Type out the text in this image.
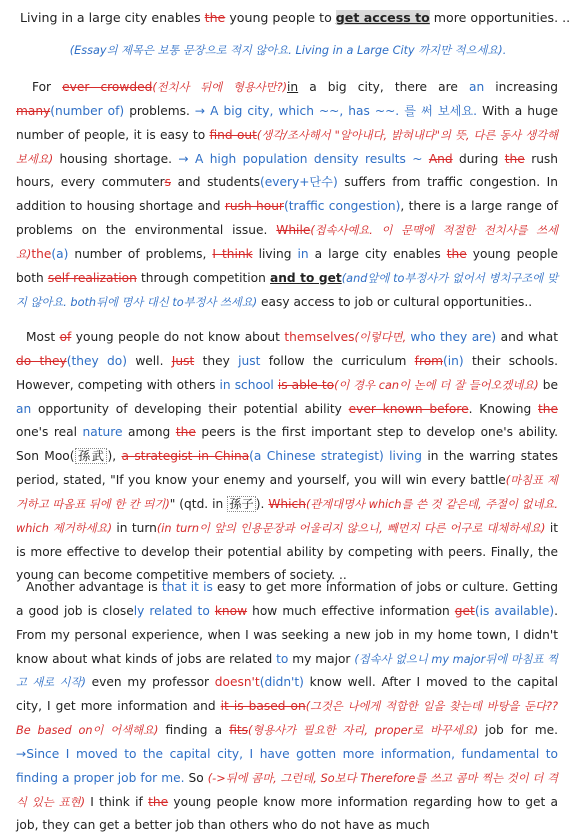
Living in a large city enables the young people to get access to more opportunities. ..
(Essay의 제목은 보통 문장으로 적지 않아요. Living in a Large City 까지만 적으세요).
For ever crowded(전치사 뒤에 형용사만?)in a big city, there are an increasing many(number of) problems. → A big city, which ~~, has ~~. 를 써 보세요. With a huge number of people, it is easy to find out(생각/조사해서 "알아내다, 밝혀내다"의 뜻, 다른 동사 생각해 보세요) housing shortage. → A high population density results ~ And during the rush hours, every commuters and students(every+단수) suffers from traffic congestion. In addition to housing shortage and rush hour(traffic congestion), there is a large range of problems on the environmental issue. While(접속사예요. 이 문맥에 적절한 전치사를 쓰세요)the(a) number of problems, I think living in a large city enables the young people both self-realization through competition and to get(and앞에 to부정사가 없어서 병치구조에 맞지 않아요. both뒤에 명사 대신 to부정사 쓰세요) easy access to job or cultural opportunities..
Most of young people do not know about themselves(이렇다면, who they are) and what do they(they do) well. Just they just follow the curriculum from(in) their schools. However, competing with others in school is able to(이 경우 can이 논에 더 잘 들어오겠네요) be an opportunity of developing their potential ability ever known before. Knowing the one's real nature among the peers is the first important step to develop one's ability. Son Moo( 孫武 ), a strategist in China(a Chinese strategist) living in the warring states period, stated, "If you know your enemy and yourself, you will win every battle(마침표 제거하고 따옴표 뒤에 한 칸 띄기)" (qtd. in 孫子 ). Which(관계대명사 which를 쓴 것 같은데, 주절이 없네요. which 제거하세요) in turn(in turn이 앞의 인용문장과 어울리지 않으니, 빼먼지 다른 어구로 대체하세요) it is more effective to develop their potential ability by competing with peers. Finally, the young can become competitive members of society. ..
Another advantage is that it is easy to get more information of jobs or culture. Getting a good job is closely related to know how much effective information get(is available). From my personal experience, when I was seeking a new job in my home town, I didn't know about what kinds of jobs are related to my major (접속사 없으니 my major뒤에 마침표 찍고 새로 시작) even my professor doesn't(didn't) know well. After I moved to the capital city, I get more information and it is based on(그것은 나에게 적합한 일을 찾는데 바탕을 둔다?? Be based on이 어색해요) finding a fits(형용사가 필요한 자리, proper로 바꾸세요) job for me. →Since I moved to the capital city, I have gotten more information, fundamental to finding a proper job for me. So (->뒤에 콤마, 그런데, So보다 Therefore를 쓰고 콤마 찍는 것이 더 격식 있는 표현) I think if the young people know more information regarding how to get a job, they can get a better job than others who do not have as much
